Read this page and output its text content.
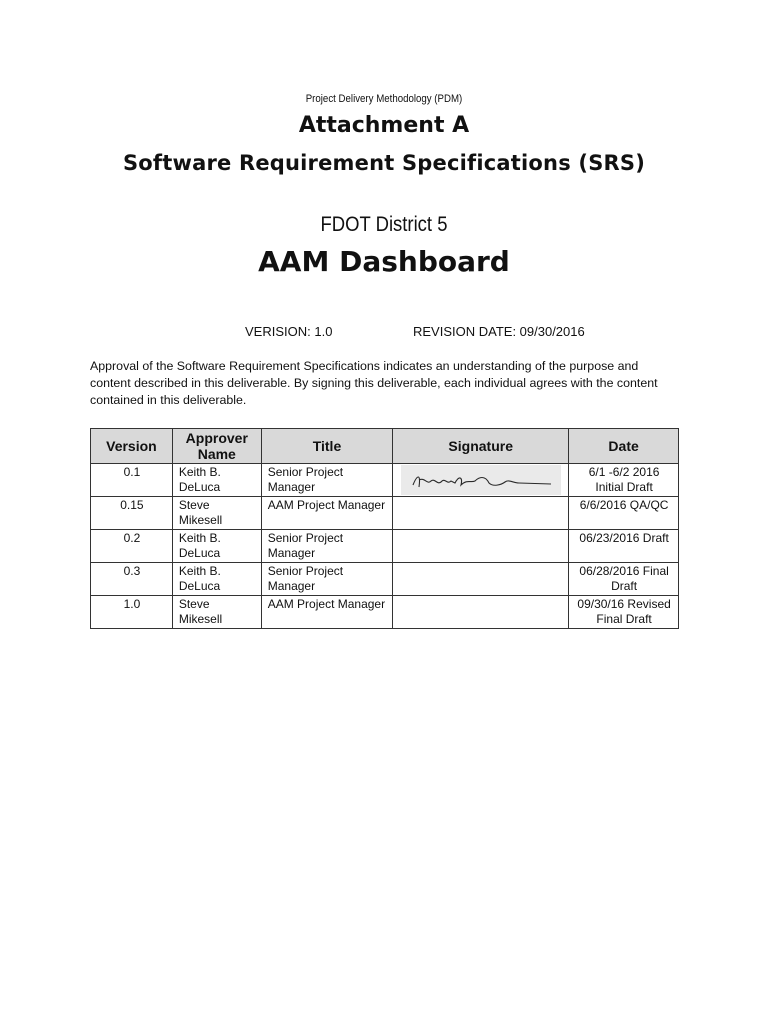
Project Delivery Methodology (PDM)
Attachment A
Software Requirement Specifications (SRS)
FDOT District 5
AAM Dashboard
VERISION: 1.0	REVISION DATE: 09/30/2016
Approval of the Software Requirement Specifications indicates an understanding of the purpose and content described in this deliverable. By signing this deliverable, each individual agrees with the content contained in this deliverable.
Version	Approver Name	Title	Signature	Date
0.1	Keith B. DeLuca	Senior Project Manager		6/1 -6/2 2016 Initial Draft
0.15	Steve Mikesell	AAM Project Manager		6/6/2016 QA/QC
0.2	Keith B. DeLuca	Senior Project Manager		06/23/2016 Draft
0.3	Keith B. DeLuca	Senior Project Manager		06/28/2016 Final Draft
1.0	Steve Mikesell	AAM Project Manager		09/30/16 Revised Final Draft
